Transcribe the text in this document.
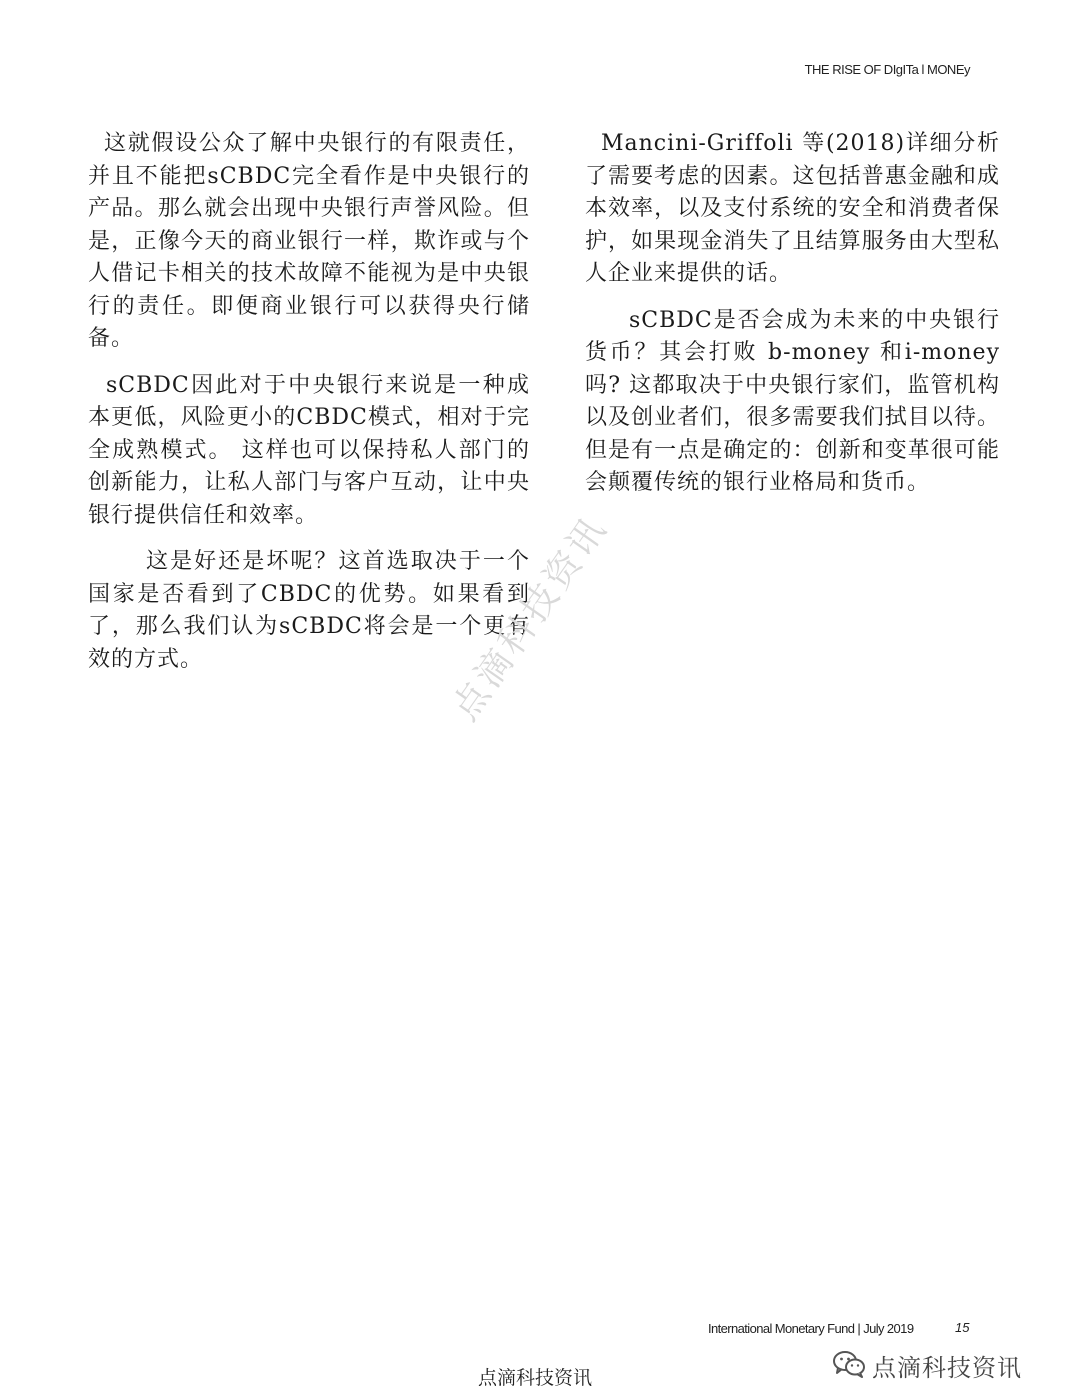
THE RISE OF DIgITa l MONEy

这就假设公众了解中央银行的有限责任，并且不能把sCBDC完全看作是中央银行的产品。那么就会出现中央银行声誉风险。但是，正像今天的商业银行一样，欺诈或与个人借记卡相关的技术故障不能视为是中央银行的责任。即便商业银行可以获得央行储备。

sCBDC因此对于中央银行来说是一种成本更低，风险更小的CBDC模式，相对于完全成熟模式。 这样也可以保持私人部门的创新能力，让私人部门与客户互动，让中央银行提供信任和效率。

这是好还是坏呢？这首选取决于一个国家是否看到了CBDC的优势。如果看到了，那么我们认为sCBDC将会是一个更有效的方式。

Mancini-Griffoli 等(2018)详细分析了需要考虑的因素。这包括普惠金融和成本效率，以及支付系统的安全和消费者保护，如果现金消失了且结算服务由大型私人企业来提供的话。

sCBDC是否会成为未来的中央银行货币？其会打败 b-money 和i-money吗? 这都取决于中央银行家们，监管机构以及创业者们，很多需要我们拭目以待。但是有一点是确定的：创新和变革很可能会颠覆传统的银行业格局和货币。

点滴科技资讯
International Monetary Fund | July 2019	15
点滴科技资讯	点滴科技资讯
